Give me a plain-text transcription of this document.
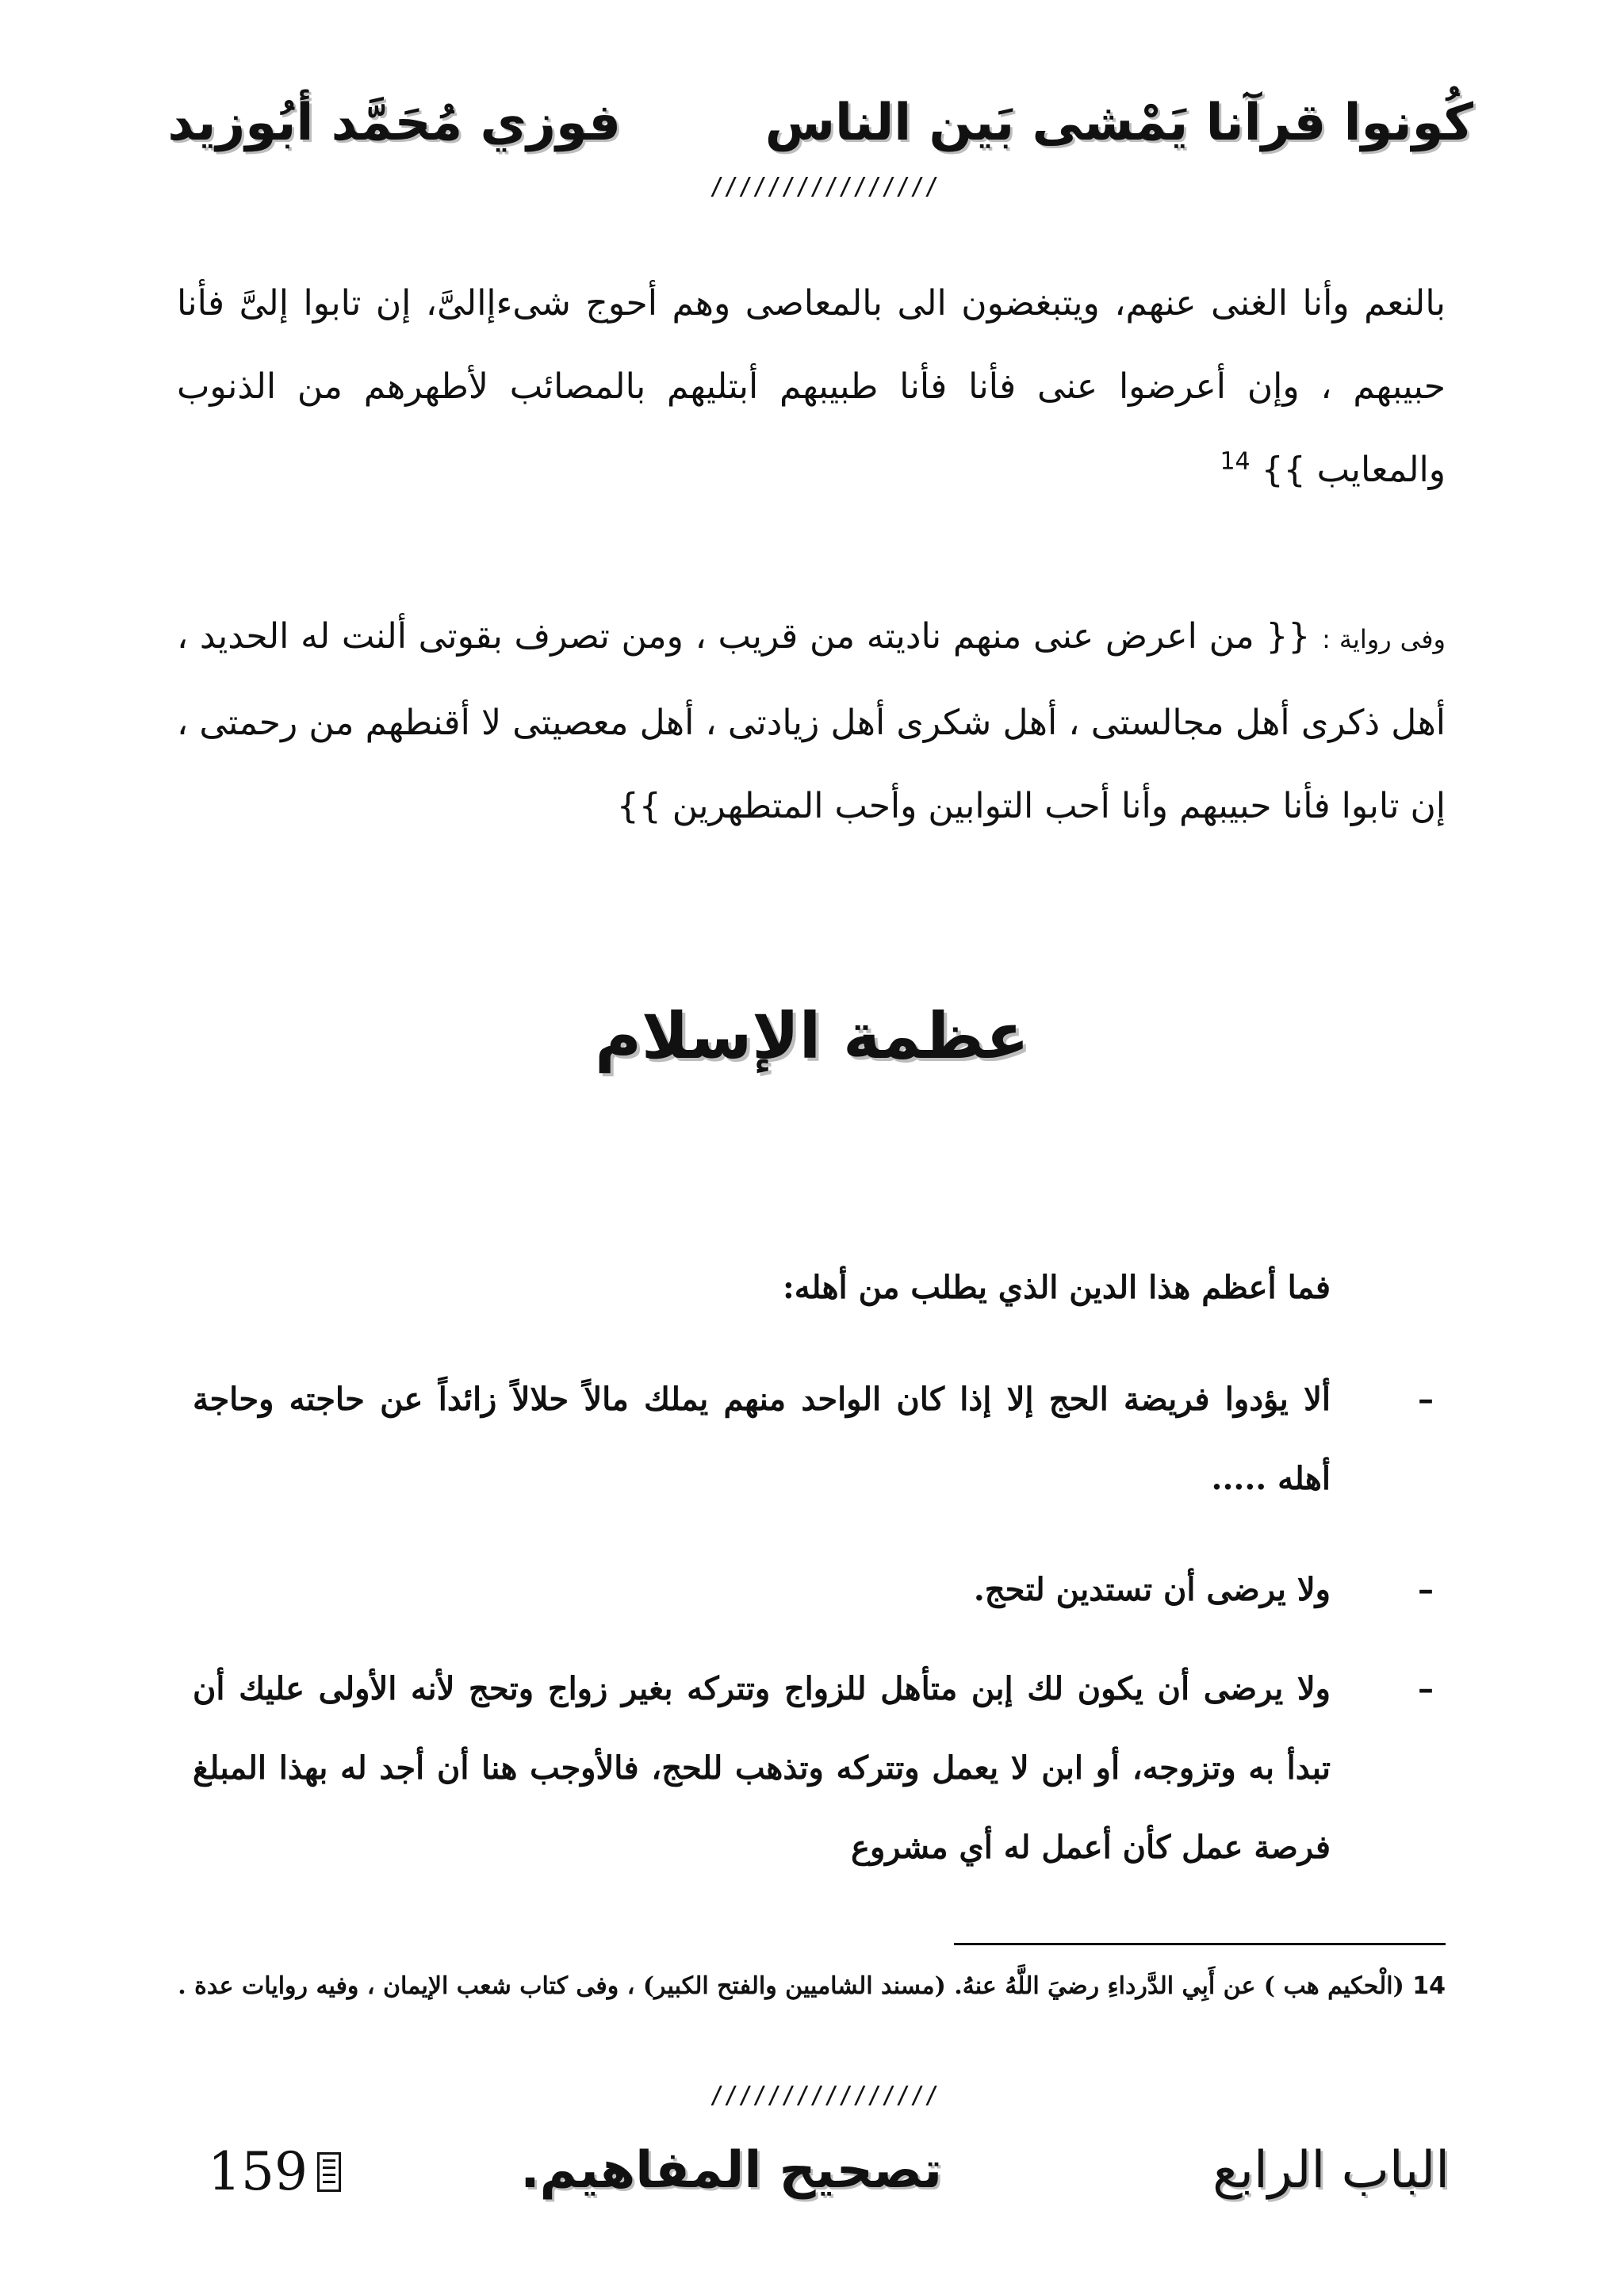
كُونوا قرآنا يَمْشى بَين الناس
فوزي مُحَمَّد أبُوزيد
////////////////
بالنعم وأنا الغنى عنهم، ويتبغضون الى بالمعاصى وهم أحوج شىءإالىَّ، إن تابوا إلىَّ فأنا حبيبهم ، وإن أعرضوا عنى فأنا فأنا طبيبهم أبتليهم بالمصائب لأطهرهم من الذنوب والمعايب }} $^{14}$
وفى رواية : {{ من اعرض عنى منهم ناديته من قريب ، ومن تصرف بقوتى ألنت له الحديد ، أهل ذكرى أهل مجالستى ، أهل شكرى أهل زيادتى ، أهل معصيتى لا أقنطهم من رحمتى ، إن تابوا فأنا حبيبهم وأنا أحب التوابين وأحب المتطهرين }}
عظمة الإسلام
فما أعظم هذا الدين الذي يطلب من أهله:
–
ألا يؤدوا فريضة الحج إلا إذا كان الواحد منهم يملك مالاً حلالاً زائداً عن حاجته وحاجة أهله .....
–
ولا يرضى أن تستدين لتحج.
–
ولا يرضى أن يكون لك إبن متأهل للزواج وتتركه بغير زواج وتحج لأنه الأولى عليك أن تبدأ به وتزوجه، أو ابن لا يعمل وتتركه وتذهب للحج، فالأوجب هنا أن أجد له بهذا المبلغ فرصة عمل كأن أعمل له أي مشروع
14 (الْحكيم هب ) عن أَبِي الدَّرداءِ رضيَ اللَّهُ عنهُ. (مسند الشاميين والفتح الكبير) ، وفى كتاب شعب الإيمان ، وفيه روايات عدة .
////////////////
الباب الرابع
تصحيح المفاهيم.
159
